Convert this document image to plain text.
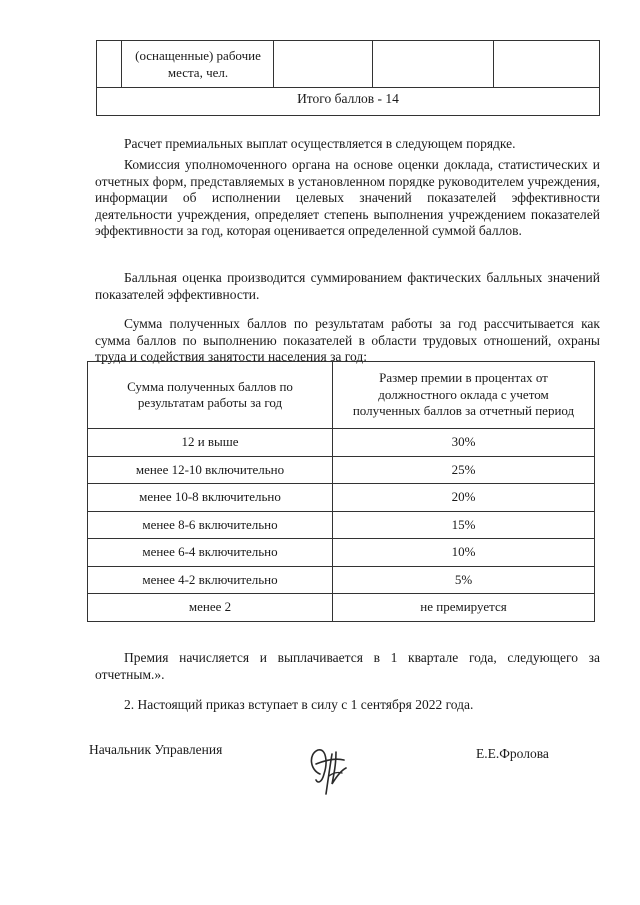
(оснащенные) рабочие места, чел.
Итого баллов - 14

Расчет премиальных выплат осуществляется в следующем порядке.

Комиссия уполномоченного органа на основе оценки доклада, статистических и отчетных форм, представляемых в установленном порядке руководителем учреждения, информации об исполнении целевых значений показателей эффективности деятельности учреждения, определяет степень выполнения учреждением показателей эффективности за год, которая оценивается определенной суммой баллов.

Балльная оценка производится суммированием фактических балльных значений показателей эффективности.

Сумма полученных баллов по результатам работы за год рассчитывается как сумма баллов по выполнению показателей в области трудовых отношений, охраны труда и содействия занятости населения за год:

Сумма полученных баллов по результатам работы за год	Размер премии в процентах от должностного оклада с учетом полученных баллов за отчетный период
12 и выше	30%
менее 12-10 включительно	25%
менее 10-8 включительно	20%
менее 8-6 включительно	15%
менее 6-4 включительно	10%
менее 4-2 включительно	5%
менее 2	не премируется

Премия начисляется и выплачивается в 1 квартале года, следующего за отчетным.».

2. Настоящий приказ вступает в силу с 1 сентября 2022 года.

Начальник Управления	Е.Е.Фролова
